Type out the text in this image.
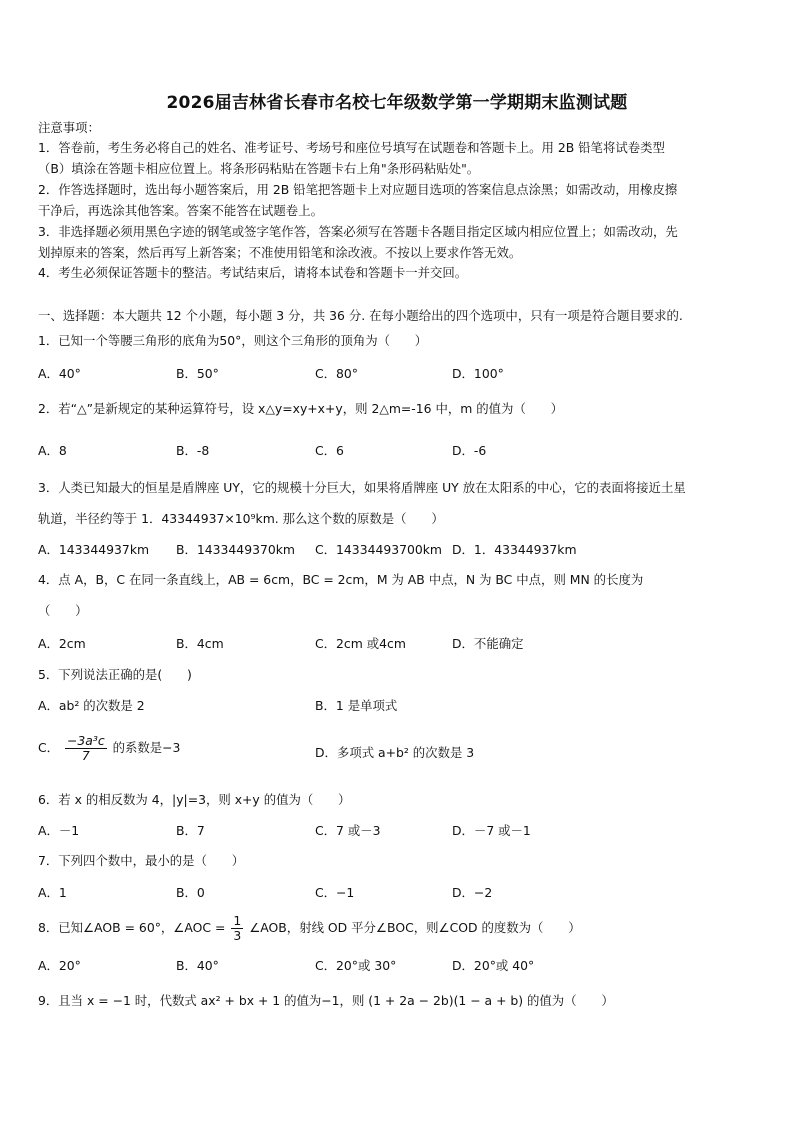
2026届吉林省长春市名校七年级数学第一学期期末监测试题
注意事项：
1．答卷前，考生务必将自己的姓名、准考证号、考场号和座位号填写在试题卷和答题卡上。用 2B 铅笔将试卷类型
（B）填涂在答题卡相应位置上。将条形码粘贴在答题卡右上角"条形码粘贴处"。
2．作答选择题时，选出每小题答案后，用 2B 铅笔把答题卡上对应题目选项的答案信息点涂黑；如需改动，用橡皮擦
干净后，再选涂其他答案。答案不能答在试题卷上。
3．非选择题必须用黑色字迹的钢笔或签字笔作答，答案必须写在答题卡各题目指定区域内相应位置上；如需改动，先
划掉原来的答案，然后再写上新答案；不准使用铅笔和涂改液。不按以上要求作答无效。
4．考生必须保证答题卡的整洁。考试结束后，请将本试卷和答题卡一并交回。
一、选择题：本大题共 12 个小题，每小题 3 分，共 36 分. 在每小题给出的四个选项中，只有一项是符合题目要求的.
1．已知一个等腰三角形的底角为50°，则这个三角形的顶角为（　　）
A．40°	B．50°	C．80°	D．100°
2．若“△”是新规定的某种运算符号，设 x△y=xy+x+y，则 2△m=-16 中，m 的值为（　　）
A．8	B．-8	C．6	D．-6
3．人类已知最大的恒星是盾牌座 UY，它的规模十分巨大，如果将盾牌座 UY 放在太阳系的中心，它的表面将接近土星
轨道，半径约等于 1．43344937×10⁹km. 那么这个数的原数是（　　）
A．143344937km B．1433449370km C．14334493700km D．1．43344937km
4．点 A，B，C 在同一条直线上，AB = 6cm，BC = 2cm，M 为 AB 中点，N 为 BC 中点，则 MN 的长度为
（　　）
A．2cm	B．4cm	C．2cm 或4cm	D．不能确定
5．下列说法正确的是(　　)
A．ab² 的次数是 2	B．1 是单项式
C． $\frac{\text{−3a³c}}{7}$ 的系数是−3	D．多项式 a+b² 的次数是 3
6．若 x 的相反数为 4，|y|=3，则 x+y 的值为（　　）
A．－1	B．7	C．7 或－3	D．－7 或－1
7．下列四个数中，最小的是（　　）
A．1	B．0	C．−1	D．−2
8．已知∠AOB = 60°，∠AOC = $\frac{1}{3}$ ∠AOB，射线 OD 平分∠BOC，则∠COD 的度数为（　　）
A．20°	B．40°	C．20°或 30°	D．20°或 40°
9．且当 x = −1 时，代数式 ax² + bx + 1 的值为−1，则 (1 + 2a − 2b)(1 − a + b) 的值为（　　）
